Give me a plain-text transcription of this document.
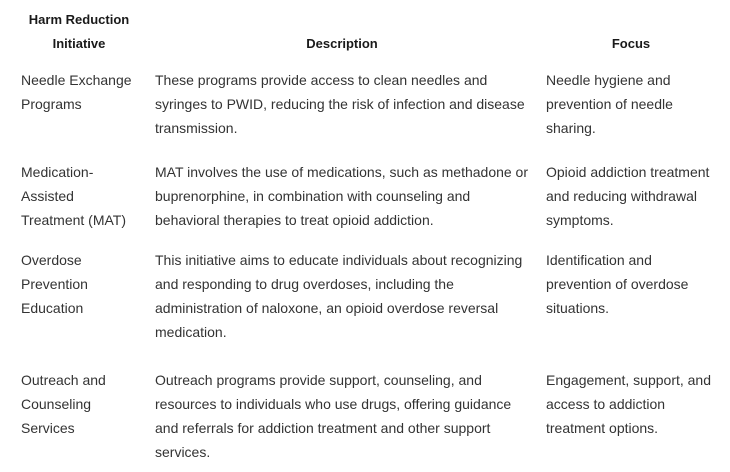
Harm Reduction
Initiative	Description	Focus
Needle Exchange Programs	These programs provide access to clean needles and syringes to PWID, reducing the risk of infection and disease transmission.	Needle hygiene and prevention of needle sharing.
Medication-Assisted Treatment (MAT)	MAT involves the use of medications, such as methadone or buprenorphine, in combination with counseling and behavioral therapies to treat opioid addiction.	Opioid addiction treatment and reducing withdrawal symptoms.
Overdose Prevention Education	This initiative aims to educate individuals about recognizing and responding to drug overdoses, including the administration of naloxone, an opioid overdose reversal medication.	Identification and prevention of overdose situations.
Outreach and Counseling Services	Outreach programs provide support, counseling, and resources to individuals who use drugs, offering guidance and referrals for addiction treatment and other support services.	Engagement, support, and access to addiction treatment options.
